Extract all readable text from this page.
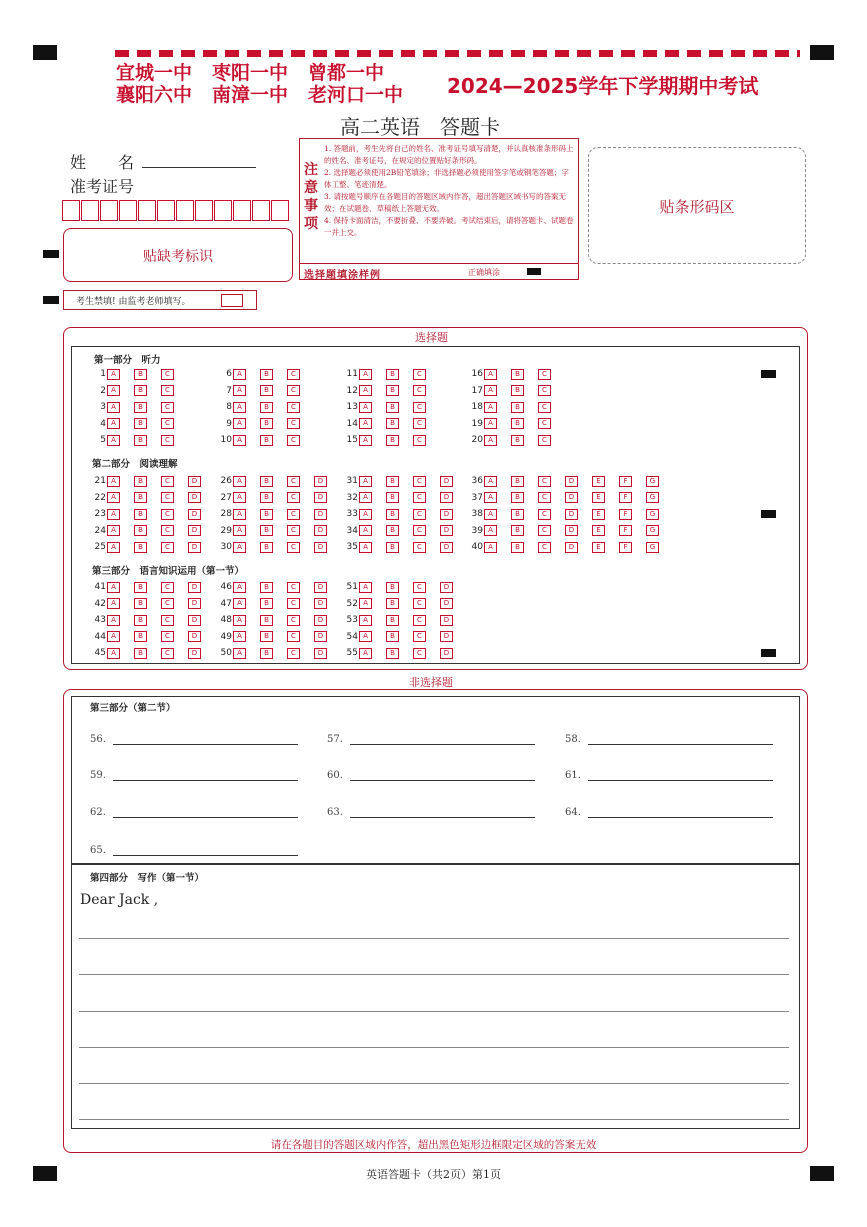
宜城一中 枣阳一中 曾都一中
襄阳六中 南漳一中 老河口一中 2024—2025学年下学期期中考试
高二英语　答题卡
姓　　名
准考证号
贴缺考标识
考生禁填! 由监考老师填写。
注
意
事
项
1. 答题前，考生先将自己的姓名、准考证号填写清楚，并认真核准条形码上的姓名、准考证号，在规定的位置贴好条形码。
2. 选择题必须使用2B铅笔填涂；非选择题必须使用签字笔或钢笔答题；字体工整、笔迹清楚。
3. 请按题号顺序在各题目的答题区域内作答，超出答题区域书写的答案无效；在试题卷、草稿纸上答题无效。
4. 保持卡面清洁，不要折叠、不要弄破。考试结束后，请将答题卡、试题卷一并上交。
选择题填涂样例	正确填涂
贴条形码区
选择题
第一部分　听力
第二部分　阅读理解
第三部分　语言知识运用（第一节）
1 A	B	C
2 A	B	C
3 A	B	C
4 A	B	C
5 A	B	C
6 A	B	C
7 A	B	C
8 A	B	C
9 A	B	C
10 A	B	C
11 A	B	C
12 A	B	C
13 A	B	C
14 A	B	C
15 A	B	C
16 A	B	C
17 A	B	C
18 A	B	C
19 A	B	C
20 A	B	C
21 A	B	C	D
22 A	B	C	D
23 A	B	C	D
24 A	B	C	D
25 A	B	C	D
26 A	B	C	D
27 A	B	C	D
28 A	B	C	D
29 A	B	C	D
30 A	B	C	D
31 A	B	C	D
32 A	B	C	D
33 A	B	C	D
34 A	B	C	D
35 A	B	C	D
36 A	B	C	D	E	F	G
37 A	B	C	D	E	F	G
38 A	B	C	D	E	F	G
39 A	B	C	D	E	F	G
40 A	B	C	D	E	F	G
41 A	B	C	D
42 A	B	C	D
43 A	B	C	D
44 A	B	C	D
45 A	B	C	D
46 A	B	C	D
47 A	B	C	D
48 A	B	C	D
49 A	B	C	D
50 A	B	C	D
51 A	B	C	D
52 A	B	C	D
53 A	B	C	D
54 A	B	C	D
55 A	B	C	D
非选择题
第三部分（第二节）
56.	57.	58.
59.	60.	61.
62.	63.	64.
65.
第四部分　写作（第一节）
Dear Jack ,
请在各题目的答题区域内作答，超出黑色矩形边框限定区域的答案无效
英语答题卡（共2页）第1页
